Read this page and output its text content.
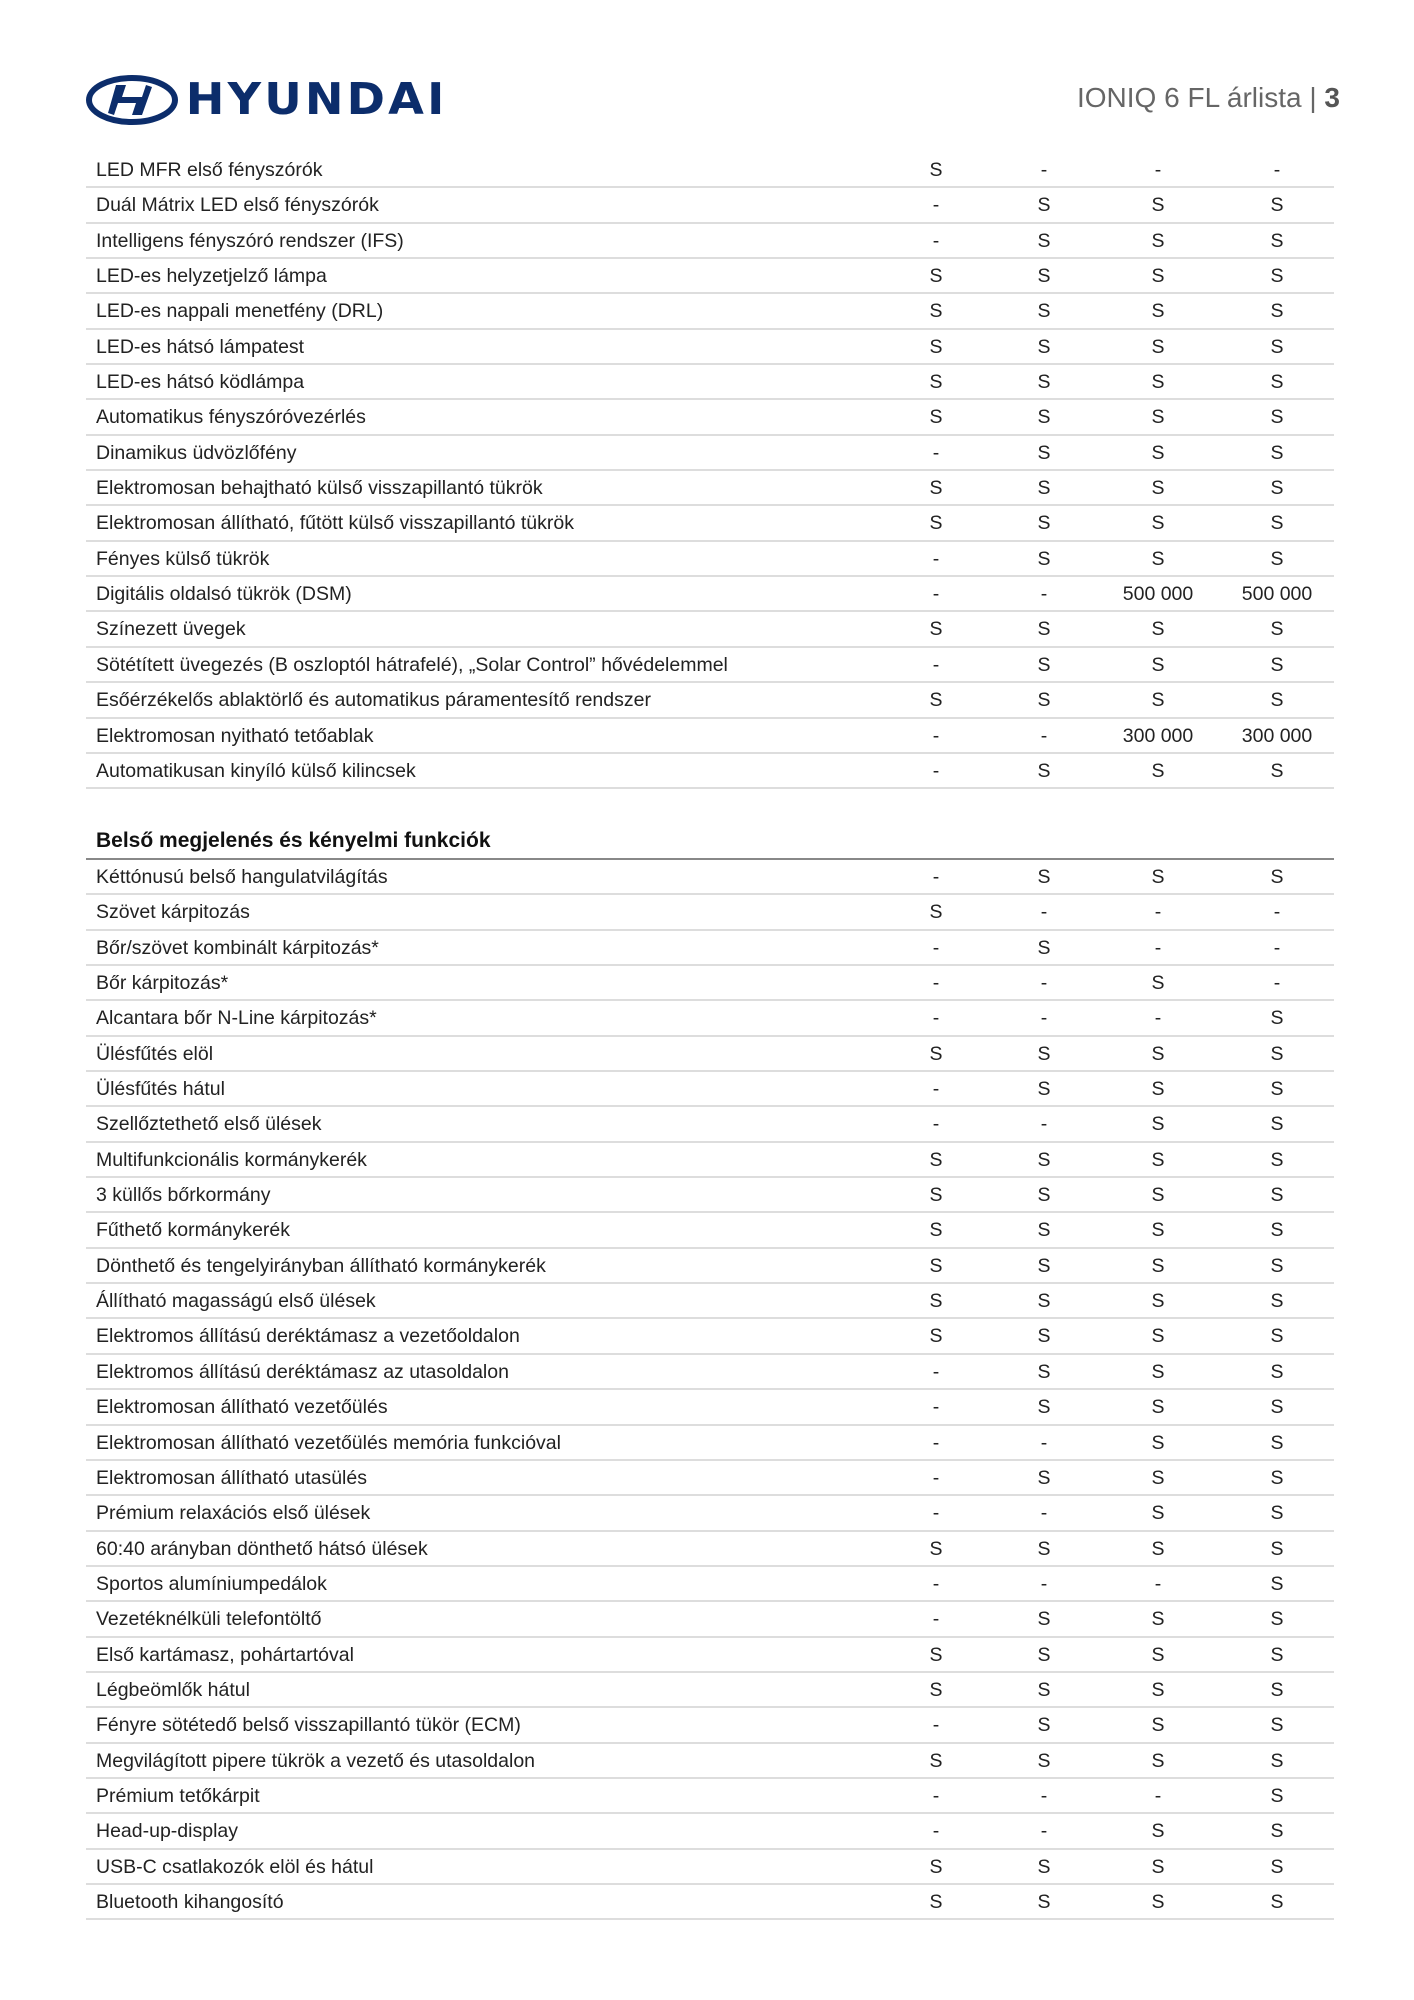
HYUNDAI	IONIQ 6 FL árlista | 3
LED MFR első fényszórók	S	-	-	-
Duál Mátrix LED első fényszórók	-	S	S	S
Intelligens fényszóró rendszer (IFS)	-	S	S	S
LED-es helyzetjelző lámpa	S	S	S	S
LED-es nappali menetfény (DRL)	S	S	S	S
LED-es hátsó lámpatest	S	S	S	S
LED-es hátsó ködlámpa	S	S	S	S
Automatikus fényszóróvezérlés	S	S	S	S
Dinamikus üdvözlőfény	-	S	S	S
Elektromosan behajtható külső visszapillantó tükrök	S	S	S	S
Elektromosan állítható, fűtött külső visszapillantó tükrök	S	S	S	S
Fényes külső tükrök	-	S	S	S
Digitális oldalsó tükrök (DSM)	-	-	500 000	500 000
Színezett üvegek	S	S	S	S
Sötétített üvegezés (B oszloptól hátrafelé), „Solar Control” hővédelemmel	-	S	S	S
Esőérzékelős ablaktörlő és automatikus páramentesítő rendszer	S	S	S	S
Elektromosan nyitható tetőablak	-	-	300 000	300 000
Automatikusan kinyíló külső kilincsek	-	S	S	S
Belső megjelenés és kényelmi funkciók
Kéttónusú belső hangulatvilágítás	-	S	S	S
Szövet kárpitozás	S	-	-	-
Bőr/szövet kombinált kárpitozás*	-	S	-	-
Bőr kárpitozás*	-	-	S	-
Alcantara bőr N-Line kárpitozás*	-	-	-	S
Ülésfűtés elöl	S	S	S	S
Ülésfűtés hátul	-	S	S	S
Szellőztethető első ülések	-	-	S	S
Multifunkcionális kormánykerék	S	S	S	S
3 küllős bőrkormány	S	S	S	S
Fűthető kormánykerék	S	S	S	S
Dönthető és tengelyirányban állítható kormánykerék	S	S	S	S
Állítható magasságú első ülések	S	S	S	S
Elektromos állítású deréktámasz a vezetőoldalon	S	S	S	S
Elektromos állítású deréktámasz az utasoldalon	-	S	S	S
Elektromosan állítható vezetőülés	-	S	S	S
Elektromosan állítható vezetőülés memória funkcióval	-	-	S	S
Elektromosan állítható utasülés	-	S	S	S
Prémium relaxációs első ülések	-	-	S	S
60:40 arányban dönthető hátsó ülések	S	S	S	S
Sportos alumíniumpedálok	-	-	-	S
Vezetéknélküli telefontöltő	-	S	S	S
Első kartámasz, pohártartóval	S	S	S	S
Légbeömlők hátul	S	S	S	S
Fényre sötétedő belső visszapillantó tükör (ECM)	-	S	S	S
Megvilágított pipere tükrök a vezető és utasoldalon	S	S	S	S
Prémium tetőkárpit	-	-	-	S
Head-up-display	-	-	S	S
USB-C csatlakozók elöl és hátul	S	S	S	S
Bluetooth kihangosító	S	S	S	S
